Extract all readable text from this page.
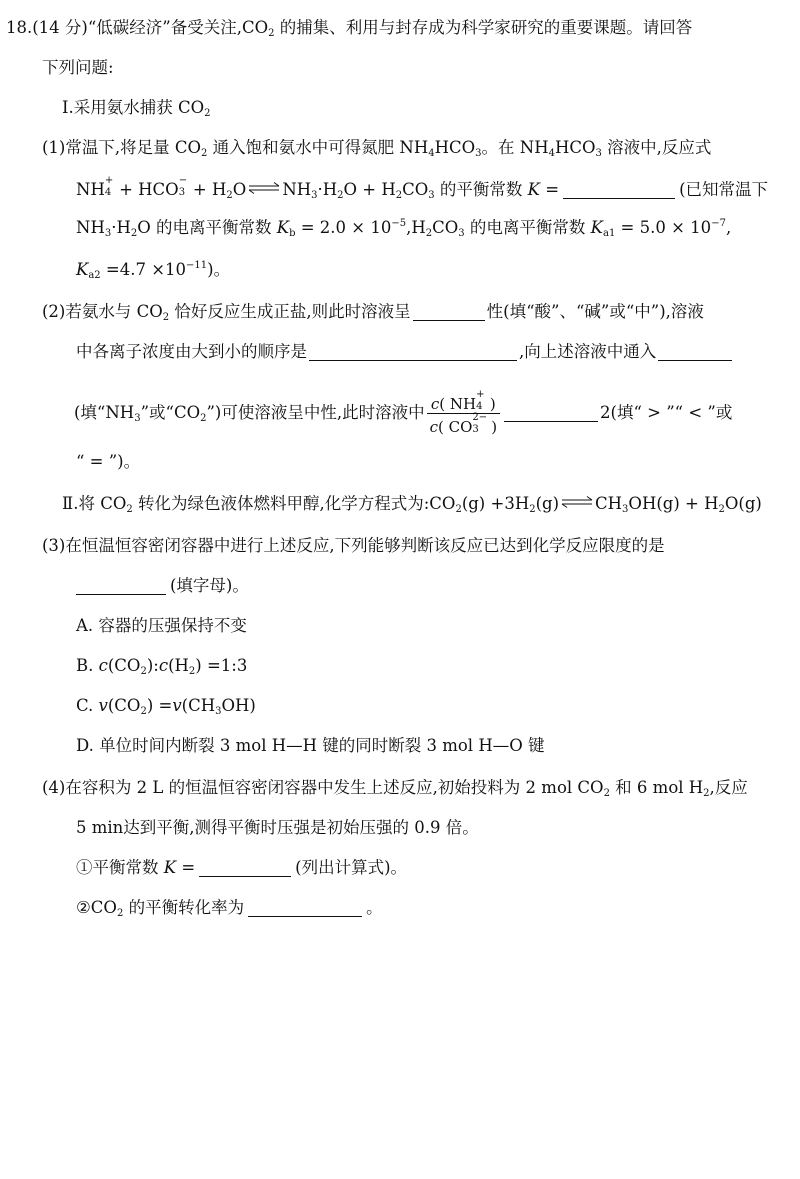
18.(14 分)“低碳经济”备受关注$,CO_2$ 的捕集、利用与封存成为科学家研究的重要课题。请回答
下列问题:
Ⅰ.采用氨水捕获 $CO_2$
(1)常温下,将足量 $CO_2$ 通入饱和氨水中可得氮肥 $NH_4HCO_3$。在 $NH_4HCO_3$ 溶液中,反应式
NH +
4 + HCO −
$3 + H_2O\rightleftharpoons NH_3\cdot H_2O + H_2CO_3$ 的平衡常数 K =	(已知常温下
$NH_3\cdot H_2O$ 的电离平衡常数 $K_b = 2.0 \times 10^{-5},H_2CO_3$ 的电离平衡常数 $K_{a1} = 5.0 \times 10^{-7}$,
$K_{a2} =4.7 \times 10^{-11}$)。
(2)若氨水与 $CO_2$ 恰好反应生成正盐,则此时溶液呈	性(填“酸”、“碱”或“中”),溶液
中各离子浓度由大到小的顺序是	,向上述溶液中通入
(填“$NH_3$”或“$CO_2$”)可使溶液呈中性,此时溶液中 c( NH
+
4 )
c( CO
2−
3 )	2(填“ > ”“ < ”或
“ = ”)。
Ⅱ.将 $CO_2$ 转化为绿色液体燃料甲醇,化学方程式为$:CO_2(g)$ $+3H_2(g)\rightleftharpoons CH_3OH(g) + H_2O(g)$
(3)在恒温恒容密闭容器中进行上述反应,下列能够判断该反应已达到化学反应限度的是
(填字母)。
A. 容器的压强保持不变
B. $c(CO_2):c(H_2)$ =1:3
C. $v(CO_2) =v(CH_3OH)$
D. 单位时间内断裂 3 mol H—H 键的同时断裂 3 mol H—O 键
(4)在容积为 2 L 的恒温恒容密闭容器中发生上述反应,初始投料为 2 mol $CO_2$ 和 6 mol $H_2$,反应
5 min达到平衡,测得平衡时压强是初始压强的 0.9 倍。
①平衡常数 K =	(列出计算式)。
$②CO_2$ 的平衡转化率为	。
